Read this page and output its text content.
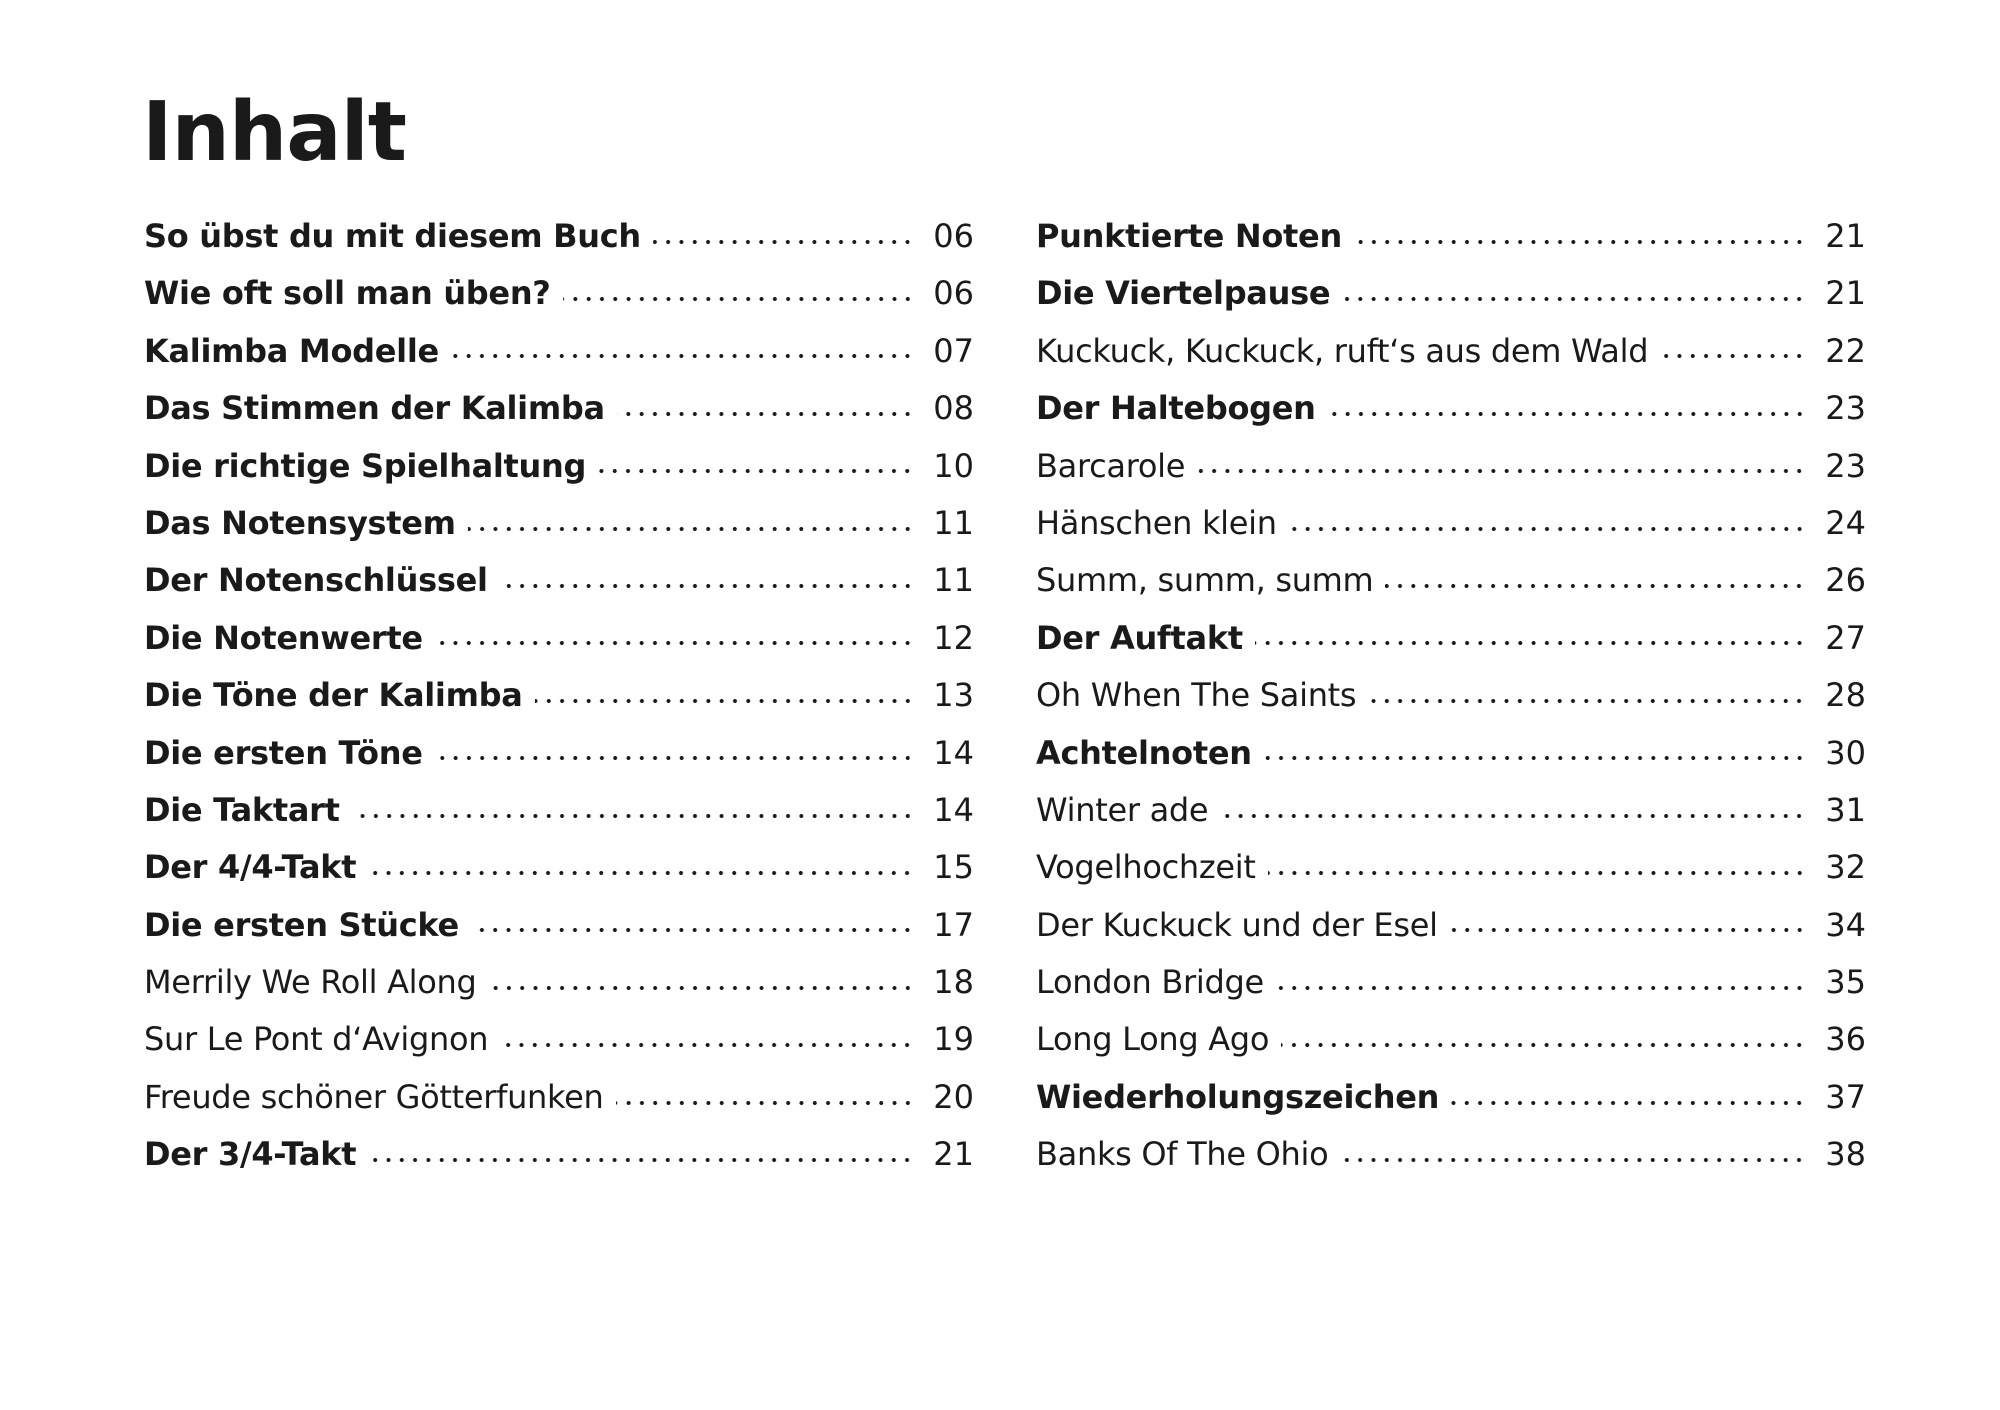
Inhalt
So übst du mit diesem Buch	06
Wie oft soll man üben?	06
Kalimba Modelle	07
Das Stimmen der Kalimba	08
Die richtige Spielhaltung	10
Das Notensystem	11
Der Notenschlüssel	11
Die Notenwerte	12
Die Töne der Kalimba	13
Die ersten Töne	14
Die Taktart	14
Der 4/4-Takt	15
Die ersten Stücke	17
Merrily We Roll Along	18
Sur Le Pont d‘Avignon	19
Freude schöner Götterfunken	20
Der 3/4-Takt	21
Punktierte Noten	21
Die Viertelpause	21
Kuckuck, Kuckuck, ruft‘s aus dem Wald	22
Der Haltebogen	23
Barcarole	23
Hänschen klein	24
Summ, summ, summ	26
Der Auftakt	27
Oh When The Saints	28
Achtelnoten	30
Winter ade	31
Vogelhochzeit	32
Der Kuckuck und der Esel	34
London Bridge	35
Long Long Ago	36
Wiederholungszeichen	37
Banks Of The Ohio	38
